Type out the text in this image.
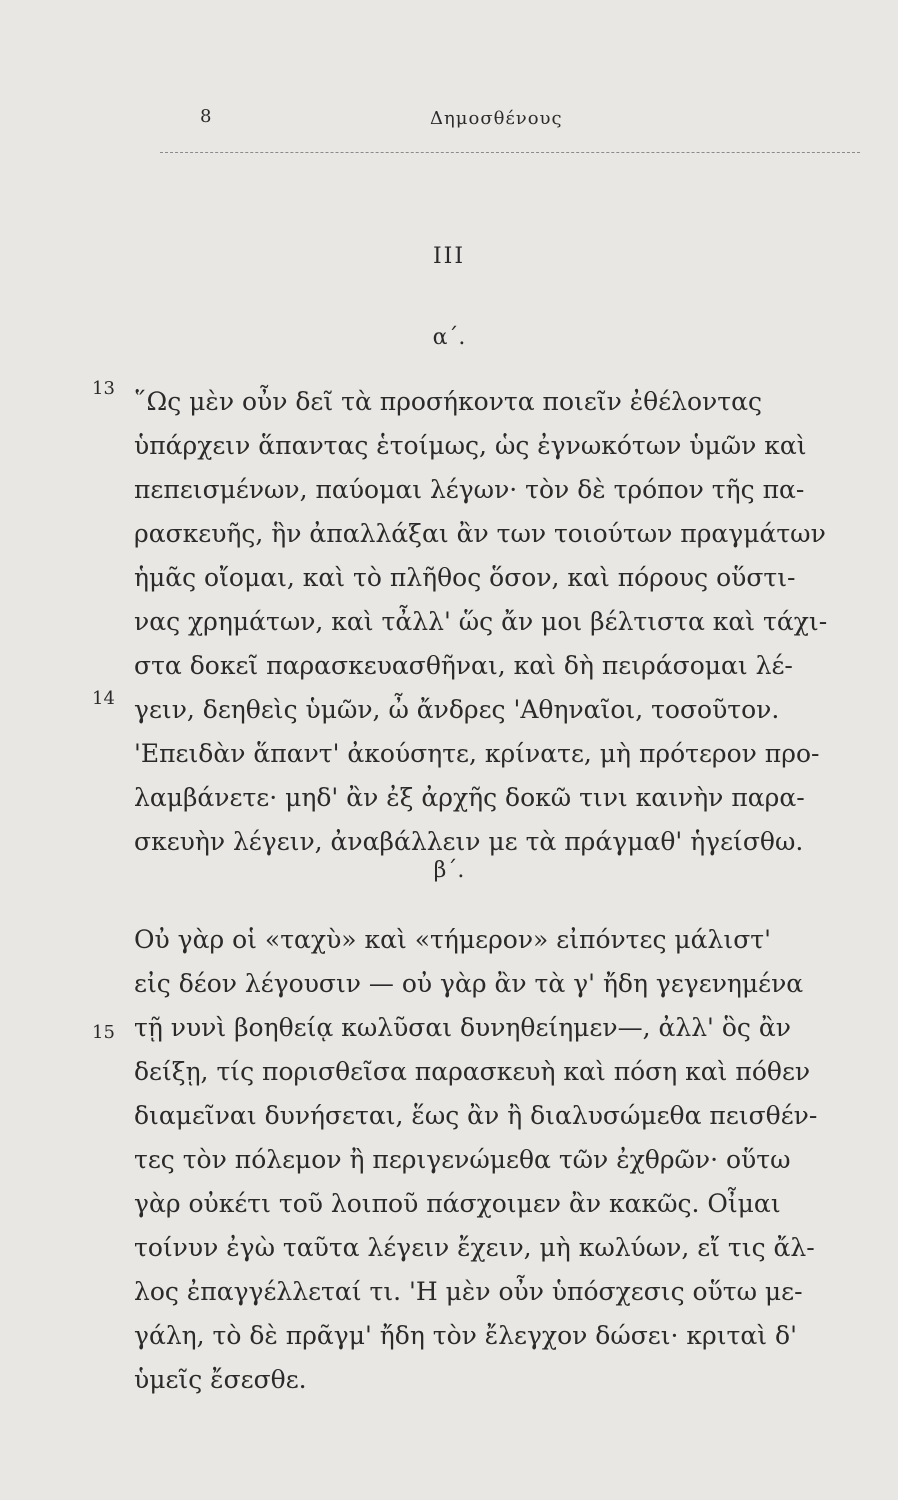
8	Δημοσθένους
III
α΄.
13
14
15
῞Ως μὲν οὖν δεῖ τὰ προσήκοντα ποιεῖν ἐθέλοντας
ὑπάρχειν ἅπαντας ἑτοίμως, ὡς ἐγνωκότων ὑμῶν καὶ
πεπεισμένων, παύομαι λέγων· τὸν δὲ τρόπον τῆς πα-
ρασκευῆς, ἣν ἀπαλλάξαι ἂν των τοιούτων πραγμάτων
ἡμᾶς οἴομαι, καὶ τὸ πλῆθος ὅσον, καὶ πόρους οὕστι-
νας χρημάτων, καὶ τἆλλ' ὥς ἄν μοι βέλτιστα καὶ τάχι-
στα δοκεῖ παρασκευασθῆναι, καὶ δὴ πειράσομαι λέ-
γειν, δεηθεὶς ὑμῶν, ὦ ἄνδρες 'Αθηναῖοι, τοσοῦτον.
'Επειδὰν ἅπαντ' ἀκούσητε, κρίνατε, μὴ πρότερον προ-
λαμβάνετε· μηδ' ἂν ἐξ ἀρχῆς δοκῶ τινι καινὴν παρα-
σκευὴν λέγειν, ἀναβάλλειν με τὰ πράγμαθ' ἡγείσθω.
β΄.
Οὐ γὰρ οἱ «ταχὺ» καὶ «τήμερον» εἰπόντες μάλιστ'
εἰς δέον λέγουσιν — οὐ γὰρ ἂν τὰ γ' ἤδη γεγενημένα
τῇ νυνὶ βοηθείᾳ κωλῦσαι δυνηθείημεν—, ἀλλ' ὃς ἂν
δείξῃ, τίς πορισθεῖσα παρασκευὴ καὶ πόση καὶ πόθεν
διαμεῖναι δυνήσεται, ἕως ἂν ἢ διαλυσώμεθα πεισθέν-
τες τὸν πόλεμον ἢ περιγενώμεθα τῶν ἐχθρῶν· οὕτω
γὰρ οὐκέτι τοῦ λοιποῦ πάσχοιμεν ἂν κακῶς. Οἶμαι
τοίνυν ἐγὼ ταῦτα λέγειν ἔχειν, μὴ κωλύων, εἴ τις ἄλ-
λος ἐπαγγέλλεταί τι. 'Η μὲν οὖν ὑπόσχεσις οὕτω με-
γάλη, τὸ δὲ πρᾶγμ' ἤδη τὸν ἔλεγχον δώσει· κριταὶ δ'
ὑμεῖς ἔσεσθε.
